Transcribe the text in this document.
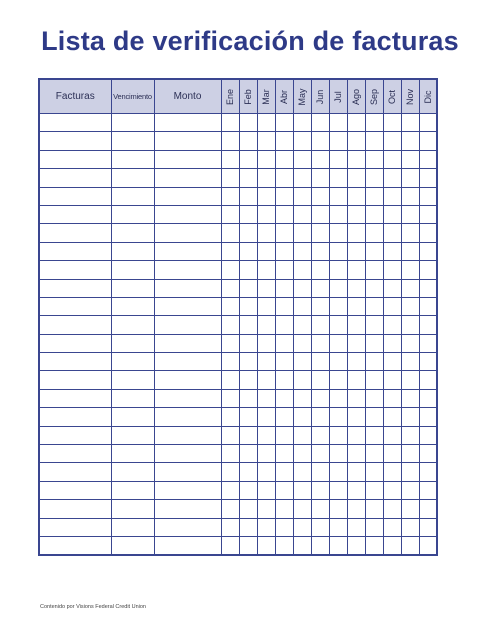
Lista de verificación de facturas
Facturas	Vencimiento	Monto	Ene	Feb	Mar	Abr	May	Jun	Jul	Ago	Sep	Oct	Nov	Dic

Contenido por Visions Federal Credit Union
